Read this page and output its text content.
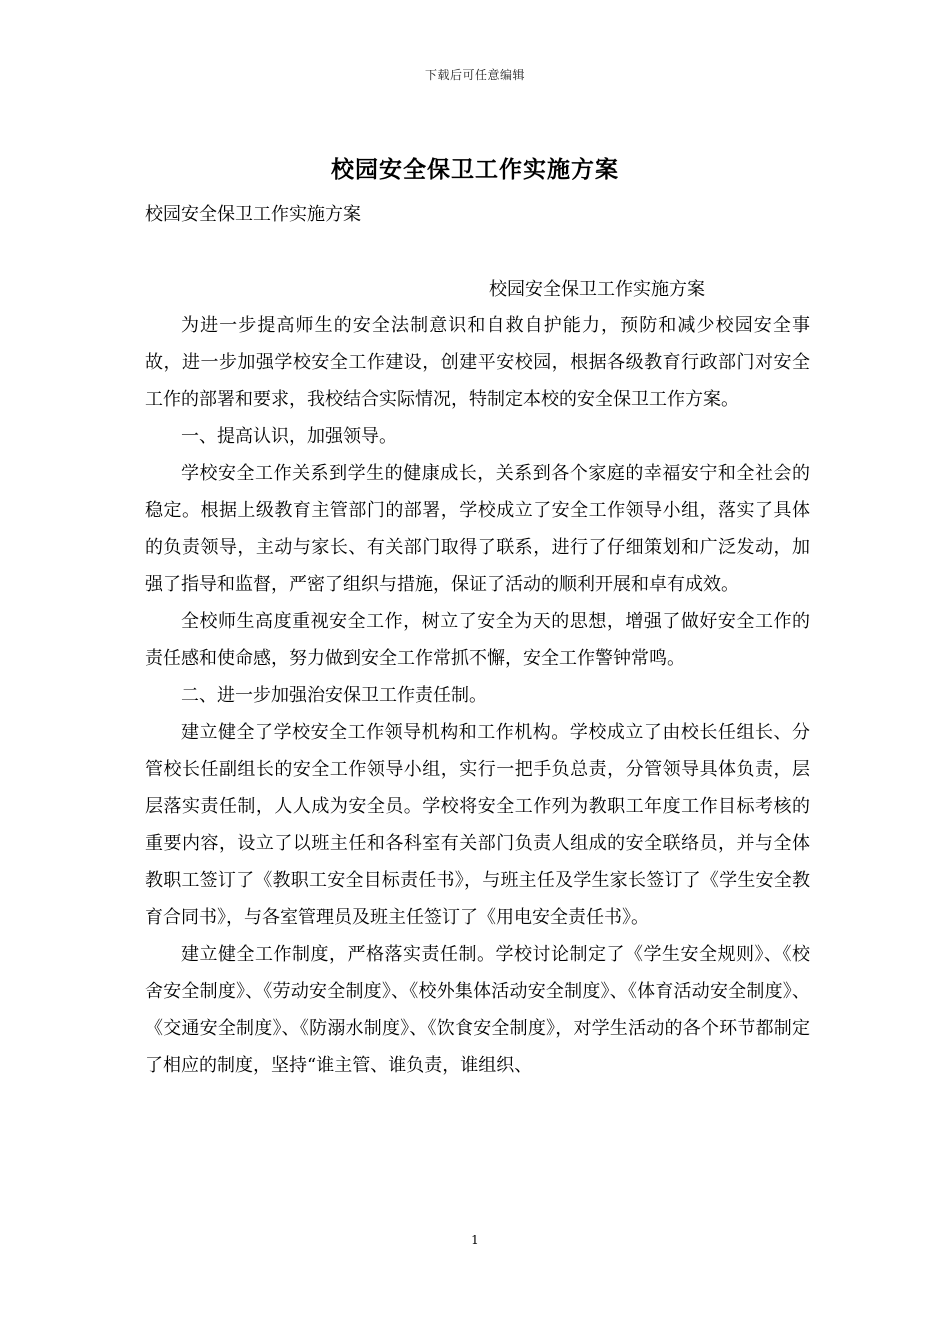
下载后可任意编辑
校园安全保卫工作实施方案
校园安全保卫工作实施方案
校园安全保卫工作实施方案

为进一步提高师生的安全法制意识和自救自护能力，预防和减少校园安全事故，进一步加强学校安全工作建设，创建平安校园，根据各级教育行政部门对安全工作的部署和要求，我校结合实际情况，特制定本校的安全保卫工作方案。

一、提高认识，加强领导。

学校安全工作关系到学生的健康成长，关系到各个家庭的幸福安宁和全社会的稳定。根据上级教育主管部门的部署，学校成立了安全工作领导小组，落实了具体的负责领导，主动与家长、有关部门取得了联系，进行了仔细策划和广泛发动，加强了指导和监督，严密了组织与措施，保证了活动的顺利开展和卓有成效。

全校师生高度重视安全工作，树立了安全为天的思想，增强了做好安全工作的责任感和使命感，努力做到安全工作常抓不懈，安全工作警钟常鸣。

二、进一步加强治安保卫工作责任制。

建立健全了学校安全工作领导机构和工作机构。学校成立了由校长任组长、分管校长任副组长的安全工作领导小组，实行一把手负总责，分管领导具体负责，层层落实责任制，人人成为安全员。学校将安全工作列为教职工年度工作目标考核的重要内容，设立了以班主任和各科室有关部门负责人组成的安全联络员，并与全体教职工签订了《教职工安全目标责任书》，与班主任及学生家长签订了《学生安全教育合同书》，与各室管理员及班主任签订了《用电安全责任书》。

建立健全工作制度，严格落实责任制。学校讨论制定了《学生安全规则》、《校舍安全制度》、《劳动安全制度》、《校外集体活动安全制度》、《体育活动安全制度》、《交通安全制度》、《防溺水制度》、《饮食安全制度》，对学生活动的各个环节都制定了相应的制度，坚持“谁主管、谁负责，谁组织、

1
